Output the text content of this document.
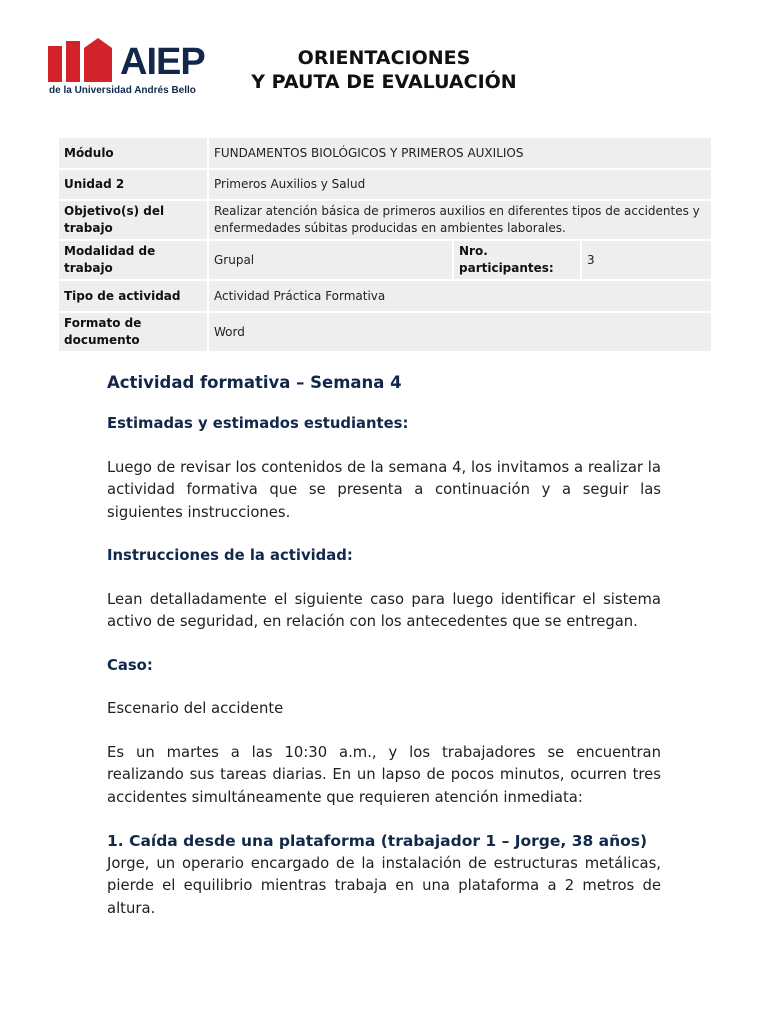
AIEP
de la Universidad Andrés Bello
ORIENTACIONES
Y PAUTA DE EVALUACIÓN
Módulo	FUNDAMENTOS BIOLÓGICOS Y PRIMEROS AUXILIOS		
Unidad 2	Primeros Auxilios y Salud		
Objetivo(s) del trabajo	Realizar atención básica de primeros auxilios en diferentes tipos de accidentes y enfermedades súbitas producidas en ambientes laborales.		
Modalidad de trabajo	Grupal	Nro. participantes:	3
Tipo de actividad	Actividad Práctica Formativa		
Formato de documento	Word		

Actividad formativa – Semana 4

Estimadas y estimados estudiantes:

Luego de revisar los contenidos de la semana 4, los invitamos a realizar la actividad formativa que se presenta a continuación y a seguir las siguientes instrucciones.

Instrucciones de la actividad:

Lean detalladamente el siguiente caso para luego identificar el sistema activo de seguridad, en relación con los antecedentes que se entregan.

Caso:

Escenario del accidente

Es un martes a las 10:30 a.m., y los trabajadores se encuentran realizando sus tareas diarias. En un lapso de pocos minutos, ocurren tres accidentes simultáneamente que requieren atención inmediata:

1. Caída desde una plataforma (trabajador 1 – Jorge, 38 años)

Jorge, un operario encargado de la instalación de estructuras metálicas, pierde el equilibrio mientras trabaja en una plataforma a 2 metros de altura.
